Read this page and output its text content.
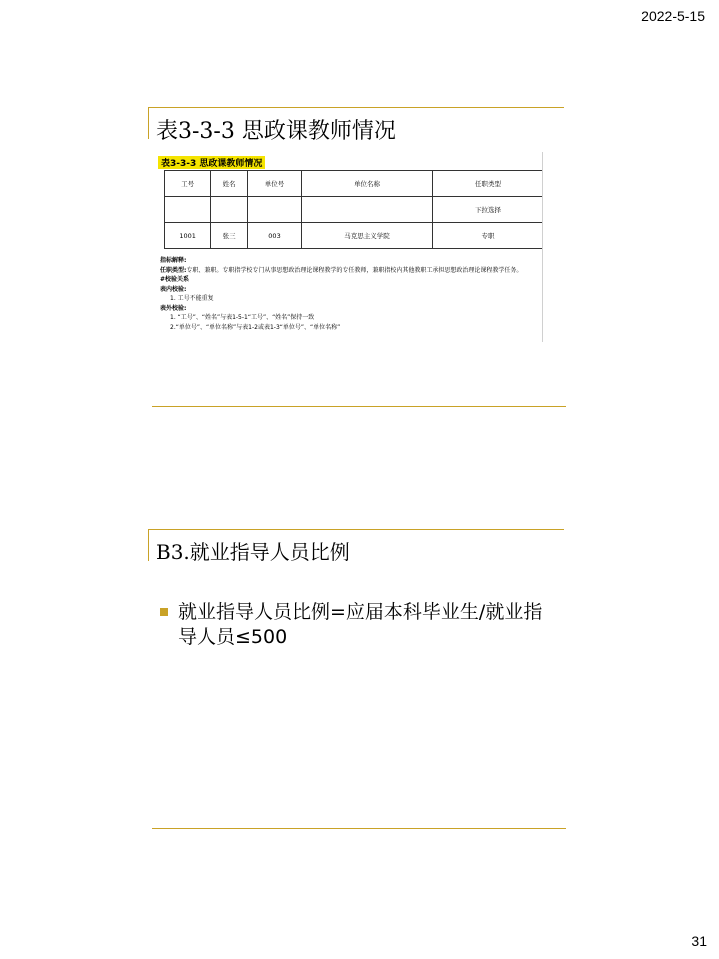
2022-5-15
表3-3-3 思政课教师情况
表3-3-3 思政课教师情况
工号	姓名	单位号	单位名称	任职类型
				下拉选择
1001	张三	003	马克思主义学院	专职
指标解释:
任职类型:专职、兼职。专职指学校专门从事思想政治理论课程教学的专任教师，兼职指校内其他教职工承担思想政治理论课程教学任务。
#校验关系
表内校验:
1. 工号不能重复
表外校验:
1. “工号”、“姓名”与表1-5-1“工号”、“姓名”保持一致
2.“单位号”、“单位名称”与表1-2或表1-3“单位号”、“单位名称”
B3.就业指导人员比例
就业指导人员比例=应届本科毕业生/就业指导人员≤500
31
